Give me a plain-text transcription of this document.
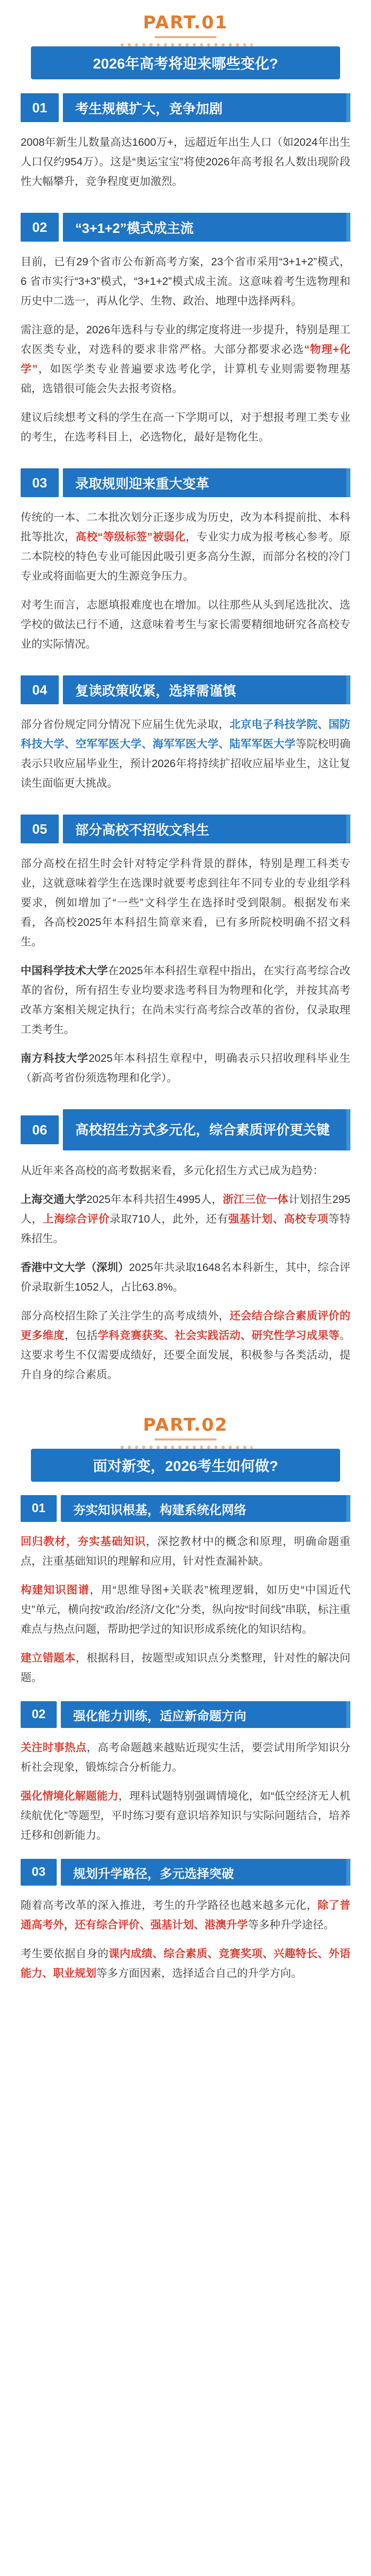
PART.01
2026年高考将迎来哪些变化?
01	考生规模扩大，竞争加剧
2008年新生儿数量高达1600万+，远超近年出生人口（如2024年出生人口仅约954万）。这是“奥运宝宝”将使2026年高考报名人数出现阶段性大幅攀升，竞争程度更加激烈。
02	“3+1+2”模式成主流
目前，已有29个省市公布新高考方案，23个省市采用“3+1+2”模式， 6 省市实行“3+3”模式，“3+1+2”模式成主流。这意味着考生选物理和历史中二选一，再从化学、生物、政治、地理中选择两科。
需注意的是，2026年选科与专业的绑定度将进一步提升，特别是理工农医类专业，对选科的要求非常严格。大部分都要求必选“物理+化学”，如医学类专业普遍要求选考化学，计算机专业则需要物理基础，选错很可能会失去报考资格。
建议后续想考文科的学生在高一下学期可以，对于想报考理工类专业的考生，在选考科目上，必选物化，最好是物化生。
03	录取规则迎来重大变革
传统的一本、二本批次划分正逐步成为历史，改为本科提前批、本科批等批次，高校“等级标签”被弱化，专业实力成为报考核心参考。原二本院校的特色专业可能因此吸引更多高分生源，而部分名校的冷门专业或将面临更大的生源竞争压力。
对考生而言，志愿填报难度也在增加。以往那些从头到尾选批次、选学校的做法已行不通，这意味着考生与家长需要精细地研究各高校专业的实际情况。
04	复读政策收紧，选择需谨慎
部分省份规定同分情况下应届生优先录取，北京电子科技学院、国防科技大学、空军军医大学、海军军医大学、陆军军医大学等院校明确表示只收应届毕业生，预计2026年将持续扩招收应届毕业生，这让复读生面临更大挑战。
05	部分高校不招收文科生
部分高校在招生时会针对特定学科背景的群体，特别是理工科类专业，这就意味着学生在选课时就要考虑到往年不同专业的专业组学科要求，例如增加了“一些”文科学生在选择时受到限制。根据发布来看，各高校2025年本科招生简章来看，已有多所院校明确不招文科生。
中国科学技术大学在2025年本科招生章程中指出，在实行高考综合改革的省份，所有招生专业均要求选考科目为物理和化学，并按其高考改革方案相关规定执行；在尚未实行高考综合改革的省份，仅录取理工类考生。
南方科技大学2025年本科招生章程中，明确表示只招收理科毕业生（新高考省份须选物理和化学）。
06	高校招生方式多元化，综合素质评价更关键
从近年来各高校的高考数据来看，多元化招生方式已成为趋势：
上海交通大学2025年本科共招生4995人，浙江三位一体计划招生295人，上海综合评价录取710人，此外，还有强基计划、高校专项等特殊招生。
香港中文大学（深圳）2025年共录取1648名本科新生，其中，综合评价录取新生1052人，占比63.8%。
部分高校招生除了关注学生的高考成绩外，还会结合综合素质评价的更多维度，包括学科竞赛获奖、社会实践活动、研究性学习成果等。这要求考生不仅需要成绩好，还要全面发展，积极参与各类活动，提升自身的综合素质。
PART.02
面对新变，2026考生如何做?
01	夯实知识根基，构建系统化网络
回归教材，夯实基础知识，深挖教材中的概念和原理，明确命题重点，注重基础知识的理解和应用，针对性查漏补缺。
构建知识图谱，用“思维导图+关联表”梳理逻辑，如历史“中国近代史”单元，横向按“政治/经济/文化”分类，纵向按“时间线”串联，标注重难点与热点问题，帮助把学过的知识形成系统化的知识结构。
建立错题本，根据科目，按题型或知识点分类整理，针对性的解决问题。
02	强化能力训练，适应新命题方向
关注时事热点，高考命题越来越贴近现实生活，要尝试用所学知识分析社会现象，锻炼综合分析能力。
强化情境化解题能力，理科试题特别强调情境化，如“低空经济无人机续航优化”等题型，平时练习要有意识培养知识与实际问题结合，培养迁移和创新能力。
03	规划升学路径，多元选择突破
随着高考改革的深入推进，考生的升学路径也越来越多元化，除了普通高考外，还有综合评价、强基计划、港澳升学等多种升学途径。
考生要依据自身的课内成绩、综合素质、竞赛奖项、兴趣特长、外语能力、职业规划等多方面因素，选择适合自己的升学方向。
